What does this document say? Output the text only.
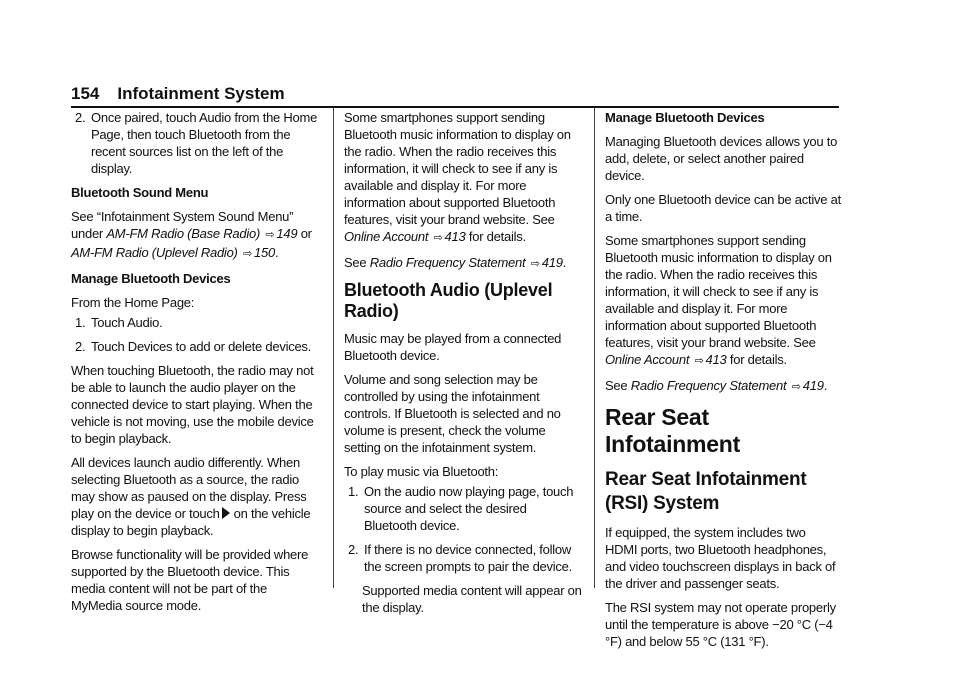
154 Infotainment System
2. Once paired, touch Audio from the Home Page, then touch Bluetooth from the recent sources list on the left of the display.

Bluetooth Sound Menu

See “Infotainment System Sound Menu” under AM-FM Radio (Base Radio) ⇨ 149 or AM-FM Radio (Uplevel Radio) ⇨ 150.

Manage Bluetooth Devices

From the Home Page:

1. Touch Audio.
2. Touch Devices to add or delete devices.

When touching Bluetooth, the radio may not be able to launch the audio player on the connected device to start playing. When the vehicle is not moving, use the mobile device to begin playback.

All devices launch audio differently. When selecting Bluetooth as a source, the radio may show as paused on the display. Press play on the device or touch on the vehicle display to begin playback.

Browse functionality will be provided where supported by the Bluetooth device. This media content will not be part of the MyMedia source mode.

Some smartphones support sending Bluetooth music information to display on the radio. When the radio receives this information, it will check to see if any is available and display it. For more information about supported Bluetooth features, visit your brand website. See Online Account ⇨ 413 for details.

See Radio Frequency Statement ⇨ 419.

Bluetooth Audio (Uplevel Radio)

Music may be played from a connected Bluetooth device.

Volume and song selection may be controlled by using the infotainment controls. If Bluetooth is selected and no volume is present, check the volume setting on the infotainment system.

To play music via Bluetooth:

1. On the audio now playing page, touch source and select the desired Bluetooth device.
2. If there is no device connected, follow the screen prompts to pair the device.

Supported media content will appear on the display.

Manage Bluetooth Devices

Managing Bluetooth devices allows you to add, delete, or select another paired device.

Only one Bluetooth device can be active at a time.

Some smartphones support sending Bluetooth music information to display on the radio. When the radio receives this information, it will check to see if any is available and display it. For more information about supported Bluetooth features, visit your brand website. See Online Account ⇨ 413 for details.

See Radio Frequency Statement ⇨ 419.

Rear Seat Infotainment
Rear Seat Infotainment (RSI) System

If equipped, the system includes two HDMI ports, two Bluetooth headphones, and video touchscreen displays in back of the driver and passenger seats.

The RSI system may not operate properly until the temperature is above −20 °C (−4 °F) and below 55 °C (131 °F).
